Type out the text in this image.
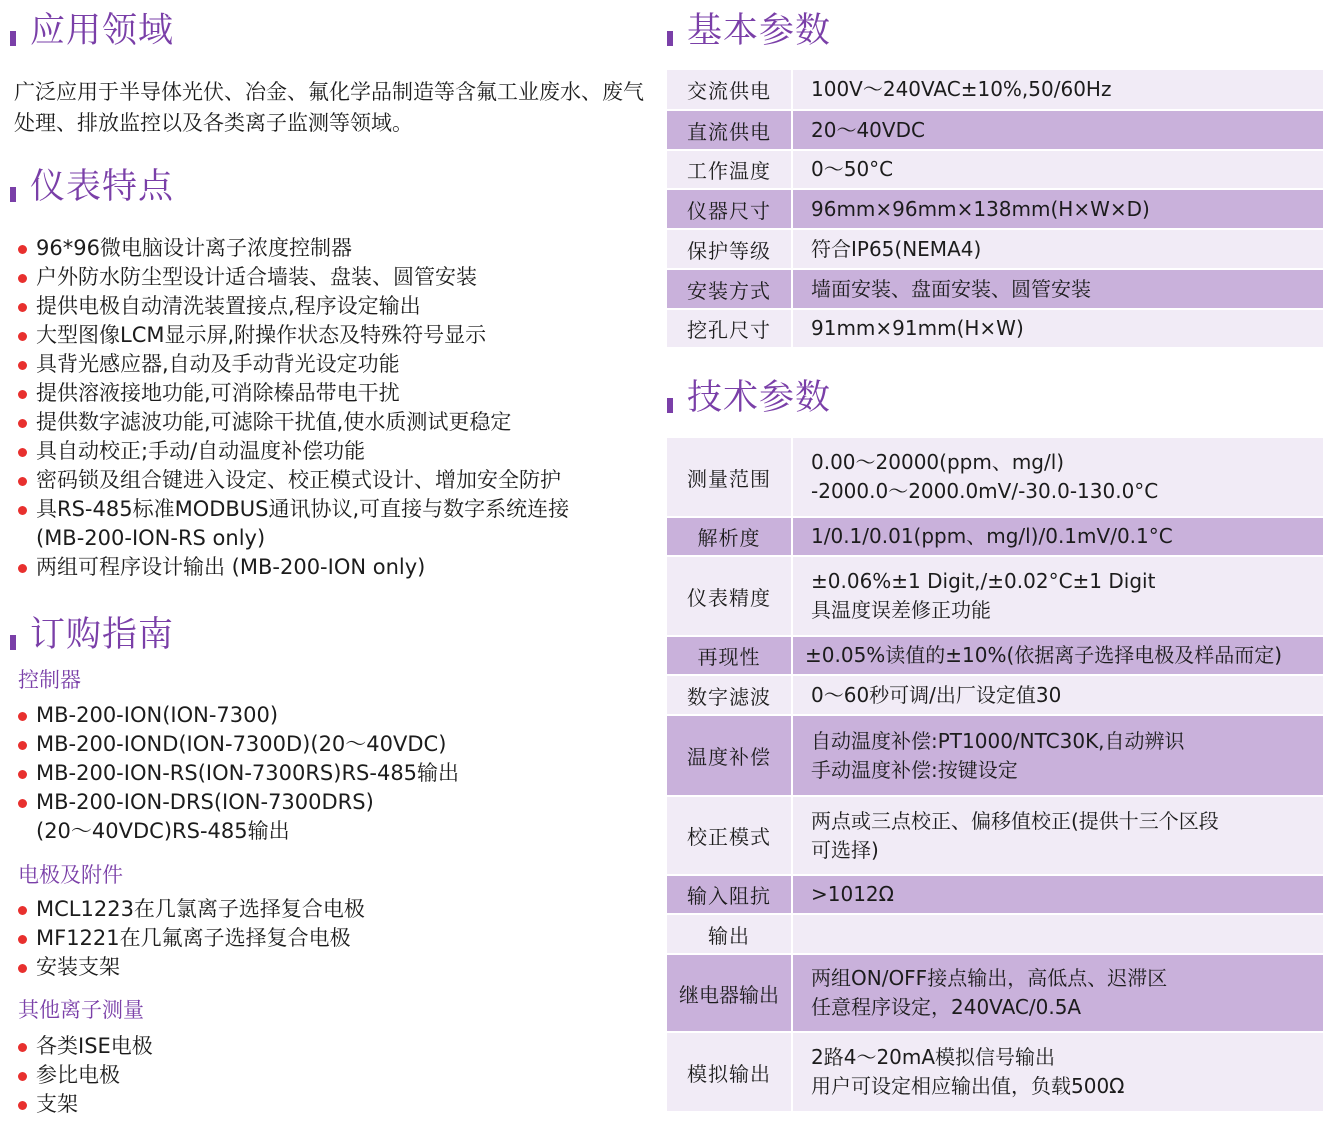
应用领域
广泛应用于半导体光伏、冶金、氟化学品制造等含氟工业废水、废气处理、排放监控以及各类离子监测等领域。
仪表特点
96*96微电脑设计离子浓度控制器
户外防水防尘型设计适合墙装、盘装、圆管安装
提供电极自动清洗装置接点,程序设定输出
大型图像LCM显示屏,附操作状态及特殊符号显示
具背光感应器,自动及手动背光设定功能
提供溶液接地功能,可消除榛品带电干扰
提供数字滤波功能,可滤除干扰值,使水质测试更稳定
具自动校正;手动/自动温度补偿功能
密码锁及组合键进入设定、校正模式设计、增加安全防护
具RS-485标准MODBUS通讯协议,可直接与数字系统连接
(MB-200-ION-RS only)
两组可程序设计输出 (MB-200-ION only)
订购指南
控制器
MB-200-ION(ION-7300)
MB-200-IOND(ION-7300D)(20～40VDC)
MB-200-ION-RS(ION-7300RS)RS-485输出
MB-200-ION-DRS(ION-7300DRS)
(20～40VDC)RS-485输出
电极及附件
MCL1223在几氯离子选择复合电极
MF1221在几氟离子选择复合电极
安装支架
其他离子测量
各类ISE电极
参比电极
支架
基本参数
交流供电	100V～240VAC±10%,50/60Hz
直流供电	20～40VDC
工作温度	0～50°C
仪器尺寸	96mm×96mm×138mm(H×W×D)
保护等级	符合IP65(NEMA4)
安装方式	墙面安装、盘面安装、圆管安装
挖孔尺寸	91mm×91mm(H×W)
技术参数
测量范围	0.00～20000(ppm、mg/l)
-2000.0～2000.0mV/-30.0-130.0°C

解析度	1/0.1/0.01(ppm、mg/l)/0.1mV/0.1°C

仪表精度	±0.06%±1 Digit,/±0.02°C±1 Digit
具温度误差修正功能

再现性	±0.05%读值的±10%(依据离子选择电极及样品而定)

数字滤波	0～60秒可调/出厂设定值30

温度补偿	自动温度补偿:PT1000/NTC30K,自动辨识
手动温度补偿:按键设定

校正模式	两点或三点校正、偏移值校正(提供十三个区段
可选择)

输入阻抗	>1012Ω

输出	

继电器输出	两组ON/OFF接点输出，高低点、迟滞区
任意程序设定，240VAC/0.5A

模拟输出	2路4～20mA模拟信号输出
用户可设定相应输出值，负载500Ω
